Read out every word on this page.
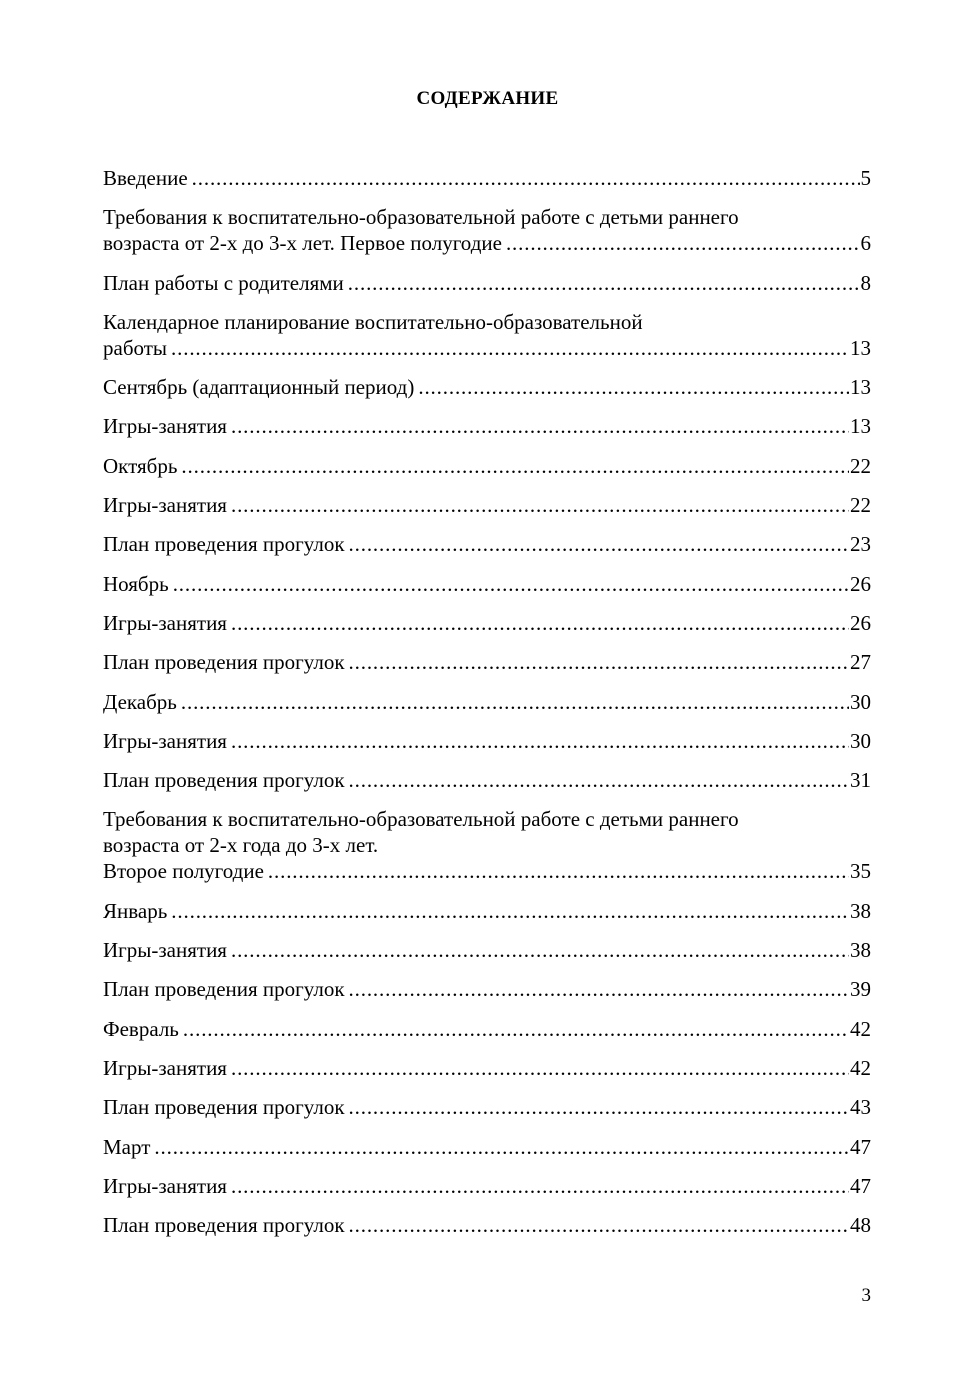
СОДЕРЖАНИЕ
Введение . . .	5
Требования к воспитательно-образовательной работе с детьми раннего
возраста от 2-х до 3-х лет. Первое полугодие . . .	6
План работы с родителями . . .	8
Календарное планирование воспитательно-образовательной
работы . . .	13
Сентябрь (адаптационный период) . . .	13
Игры-занятия . . .	13
Октябрь . . .	22
Игры-занятия . . .	22
План проведения прогулок . . .	23
Ноябрь . . .	26
Игры-занятия . . .	26
План проведения прогулок . . .	27
Декабрь . . .	30
Игры-занятия . . .	30
План проведения прогулок . . .	31
Требования к воспитательно-образовательной работе с детьми раннего
возраста от 2-х года до 3-х лет.
Второе полугодие . . .	35
Январь . . .	38
Игры-занятия . . .	38
План проведения прогулок . . .	39
Февраль . . .	42
Игры-занятия . . .	42
План проведения прогулок . . .	43
Март . . .	47
Игры-занятия . . .	47
План проведения прогулок . . .	48
3
